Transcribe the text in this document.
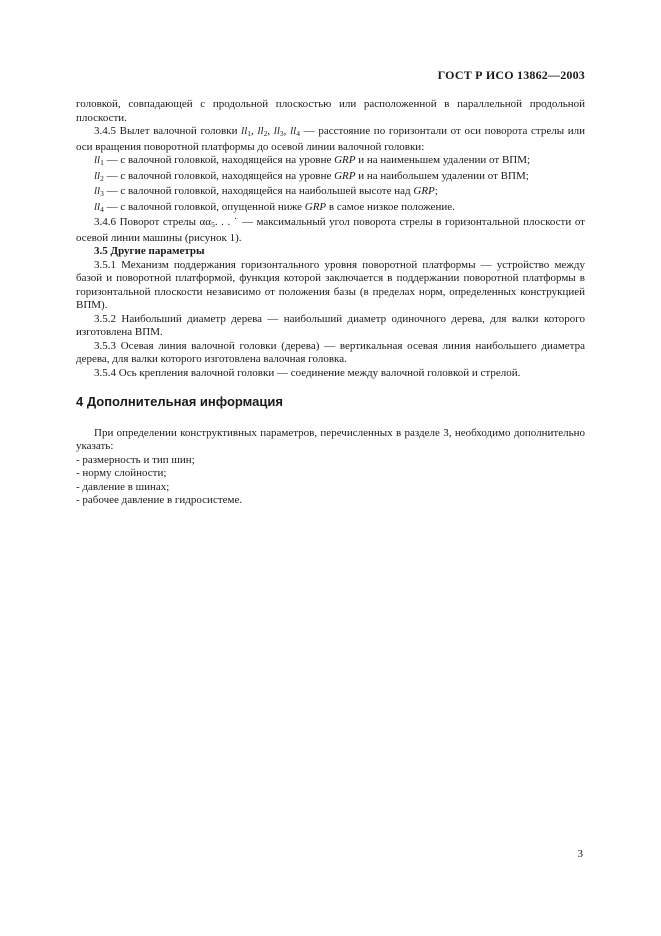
ГОСТ Р ИСО 13862—2003

головкой, совпадающей с продольной плоскостью или расположенной в параллельной продольной плоскости.

3.4.5 Вылет валочной головки $ll_1$, $ll_2$, $ll_3$, $ll_4$ — расстояние по горизонтали от оси поворота стрелы или оси вращения поворотной платформы до осевой линии валочной головки:

$ll_1$ — с валочной головкой, находящейся на уровне GRP и на наименьшем удалении от ВПМ;

$ll_2$ — с валочной головкой, находящейся на уровне GRP и на наибольшем удалении от ВПМ;

$ll_3$ — с валочной головкой, находящейся на наибольшей высоте над GRP;

$ll_4$ — с валочной головкой, опущенной ниже GRP в самое низкое положение.

3.4.6 Поворот стрелы $\alpha\alpha_5$. . . ˙ — максимальный угол поворота стрелы в горизонтальной плоскости от осевой линии машины (рисунок 1).

3.5 Другие параметры

3.5.1 Механизм поддержания горизонтального уровня поворотной платформы — устройство между базой и поворотной платформой, функция которой заключается в поддержании поворотной платформы в горизонтальной плоскости независимо от положения базы (в пределах норм, определенных конструкцией ВПМ).

3.5.2 Наибольший диаметр дерева — наибольший диаметр одиночного дерева, для валки которого изготовлена ВПМ.

3.5.3 Осевая линия валочной головки (дерева) — вертикальная осевая линия наибольшего диаметра дерева, для валки которого изготовлена валочная головка.

3.5.4 Ось крепления валочной головки — соединение между валочной головкой и стрелой.

4 Дополнительная информация

При определении конструктивных параметров, перечисленных в разделе 3, необходимо дополнительно указать:

- размерность и тип шин;

- норму слойности;

- давление в шинах;

- рабочее давление в гидросистеме.

3
